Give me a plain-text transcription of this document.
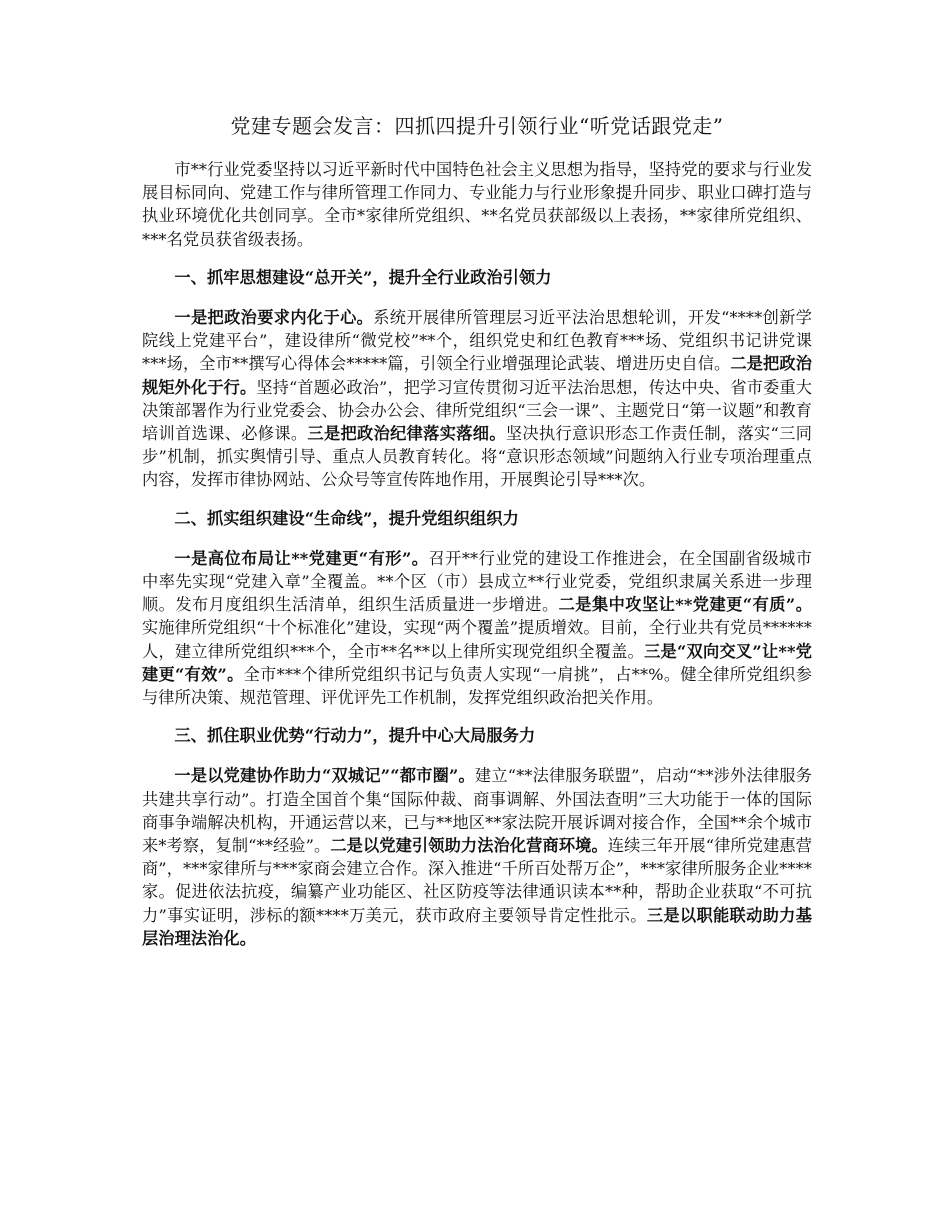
党建专题会发言：四抓四提升引领行业“听党话跟党走”

市**行业党委坚持以习近平新时代中国特色社会主义思想为指导，坚持党的要求与行业发展目标同向、党建工作与律所管理工作同力、专业能力与行业形象提升同步、职业口碑打造与执业环境优化共创同享。全市*家律所党组织、**名党员获部级以上表扬，**家律所党组织、***名党员获省级表扬。

一、抓牢思想建设“总开关”，提升全行业政治引领力

一是把政治要求内化于心。系统开展律所管理层习近平法治思想轮训，开发“****创新学院线上党建平台”，建设律所“微党校”**个，组织党史和红色教育***场、党组织书记讲党课***场，全市**撰写心得体会*****篇，引领全行业增强理论武装、增进历史自信。二是把政治规矩外化于行。坚持“首题必政治”，把学习宣传贯彻习近平法治思想，传达中央、省市委重大决策部署作为行业党委会、协会办公会、律所党组织“三会一课”、主题党日“第一议题”和教育培训首选课、必修课。三是把政治纪律落实落细。坚决执行意识形态工作责任制，落实“三同步”机制，抓实舆情引导、重点人员教育转化。将“意识形态领域”问题纳入行业专项治理重点内容，发挥市律协网站、公众号等宣传阵地作用，开展舆论引导***次。

二、抓实组织建设“生命线”，提升党组织组织力

一是高位布局让**党建更“有形”。召开**行业党的建设工作推进会，在全国副省级城市中率先实现“党建入章”全覆盖。**个区（市）县成立**行业党委，党组织隶属关系进一步理顺。发布月度组织生活清单，组织生活质量进一步增进。二是集中攻坚让**党建更“有质”。实施律所党组织“十个标准化”建设，实现“两个覆盖”提质增效。目前，全行业共有党员******人，建立律所党组织***个，全市**名**以上律所实现党组织全覆盖。三是“双向交叉”让**党建更“有效”。全市***个律所党组织书记与负责人实现“一肩挑”，占**%。健全律所党组织参与律所决策、规范管理、评优评先工作机制，发挥党组织政治把关作用。

三、抓住职业优势“行动力”，提升中心大局服务力

一是以党建协作助力“双城记”“都市圈”。建立“**法律服务联盟”，启动“**涉外法律服务共建共享行动”。打造全国首个集“国际仲裁、商事调解、外国法查明”三大功能于一体的国际商事争端解决机构，开通运营以来，已与**地区**家法院开展诉调对接合作，全国**余个城市来*考察，复制“**经验”。二是以党建引领助力法治化营商环境。连续三年开展“律所党建惠营商”，***家律所与***家商会建立合作。深入推进“千所百处帮万企”，***家律所服务企业****家。促进依法抗疫，编纂产业功能区、社区防疫等法律通识读本**种，帮助企业获取“不可抗力”事实证明，涉标的额****万美元，获市政府主要领导肯定性批示。三是以职能联动助力基层治理法治化。
